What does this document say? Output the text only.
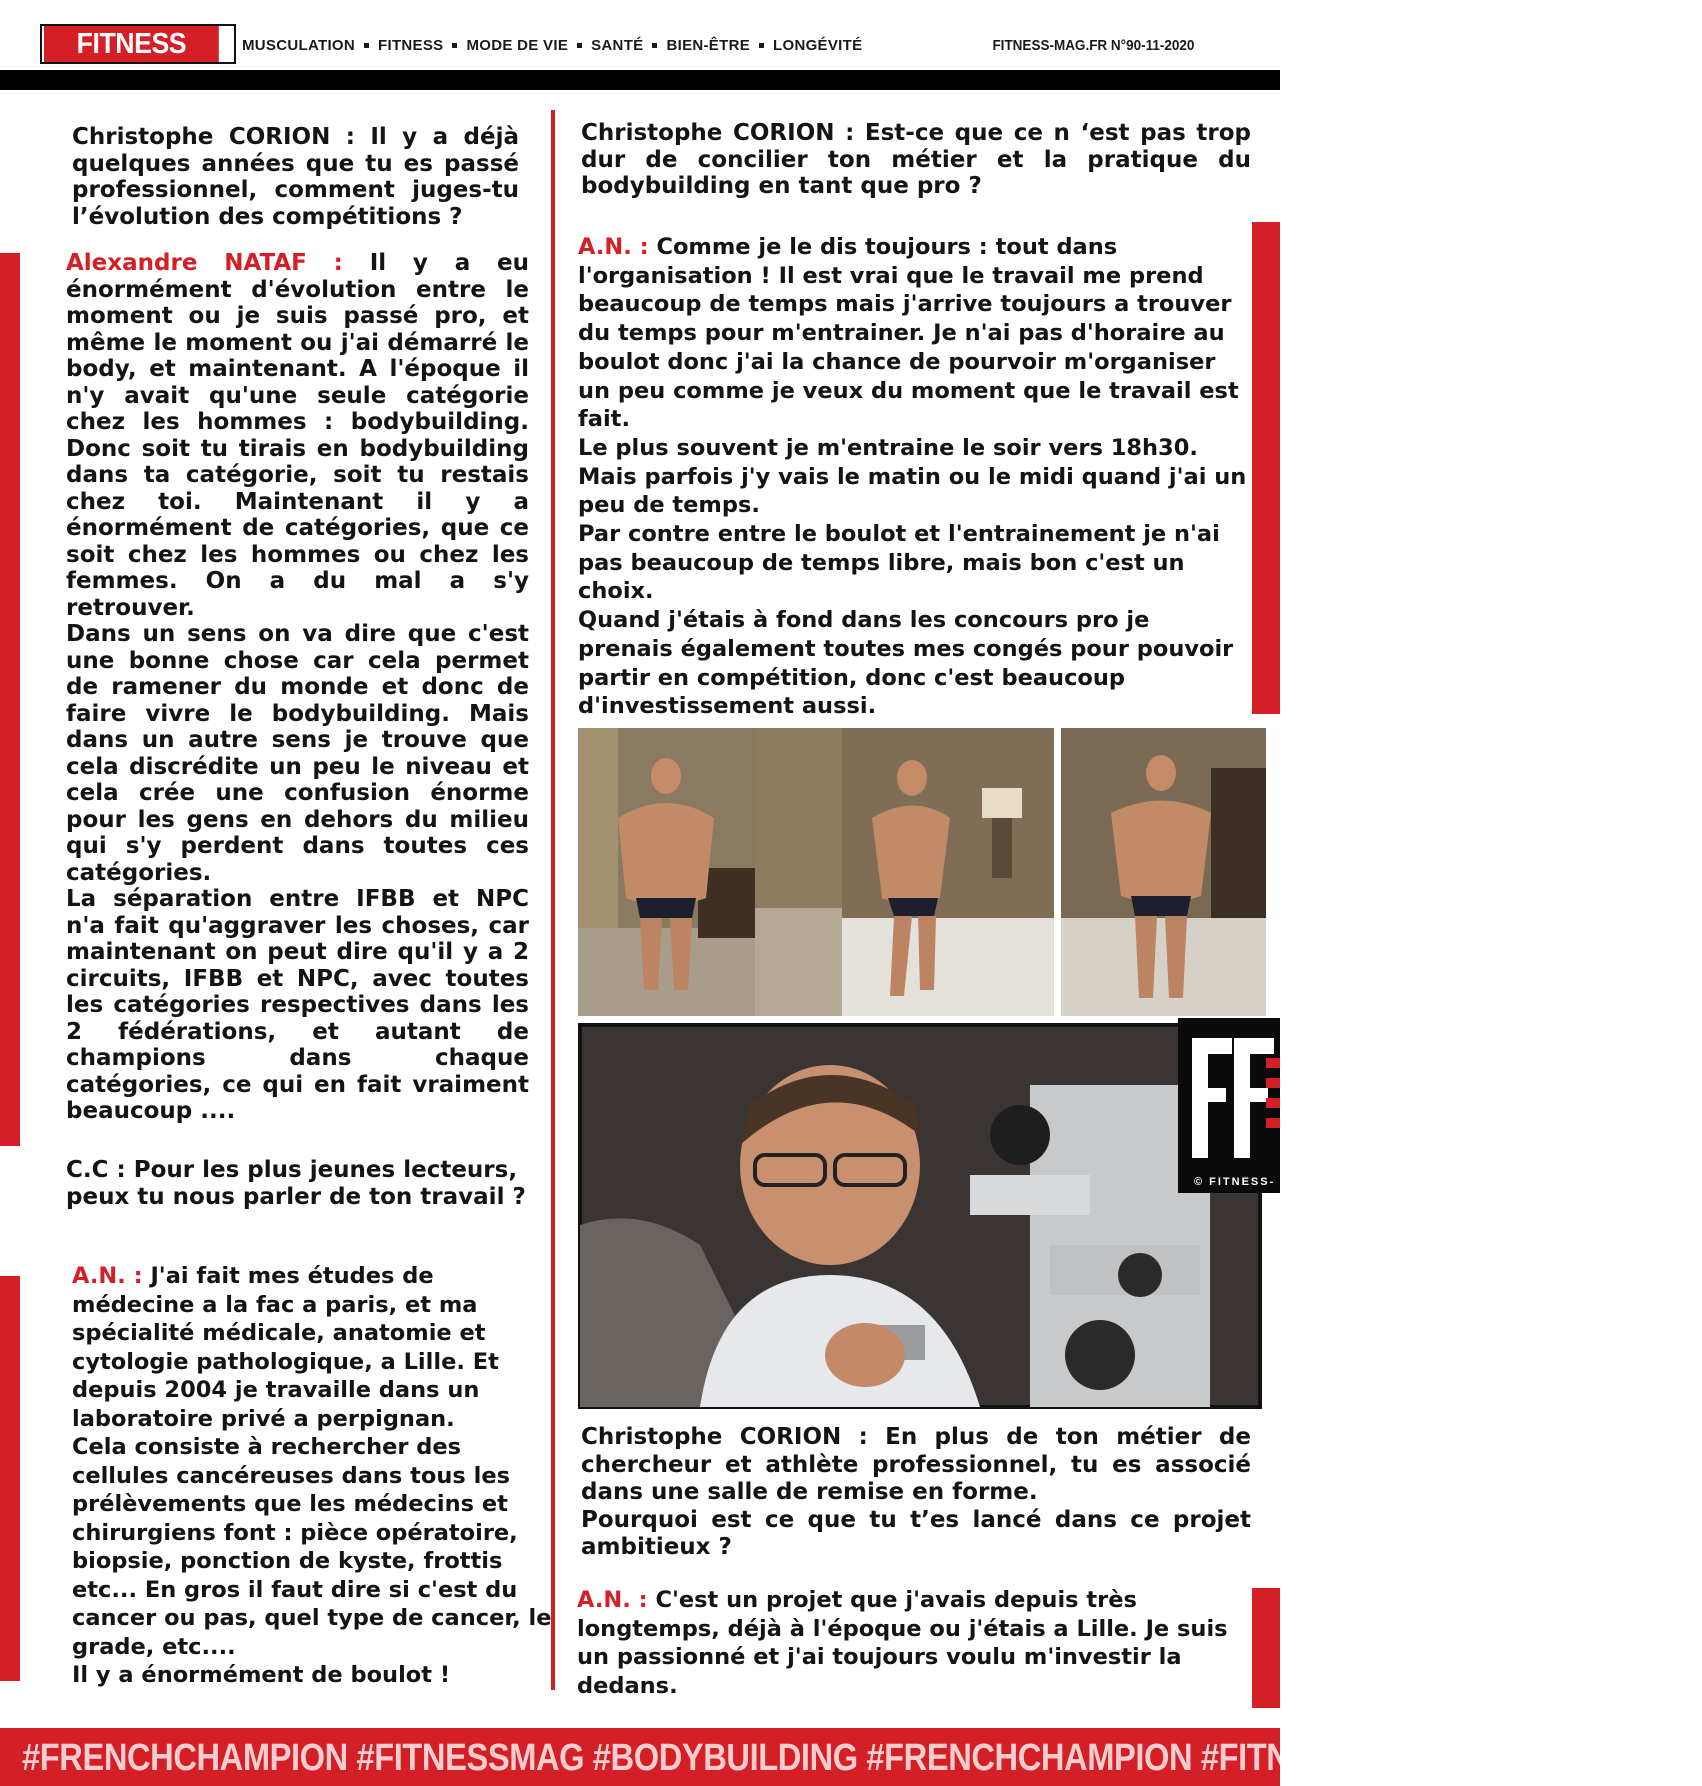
FITNESS	MUSCULATION FITNESS MODE DE VIE SANTÉ BIEN-ÊTRE LONGÉVITÉ	FITNESS-MAG.FR N°90-11-2020

Christophe CORION : Il y a déjà quelques années que tu es passé professionnel, comment juges-tu l’évolution des compétitions ?

Alexandre NATAF : Il y a eu énormément d'évolution entre le moment ou je suis passé pro, et même le moment ou j'ai démarré le body, et maintenant. A l'époque il n'y avait qu'une seule catégorie chez les hommes : bodybuilding. Donc soit tu tirais en bodybuilding dans ta catégorie, soit tu restais chez toi. Maintenant il y a énormément de catégories, que ce soit chez les hommes ou chez les femmes. On a du mal a s'y retrouver.

Dans un sens on va dire que c'est une bonne chose car cela permet de ramener du monde et donc de faire vivre le bodybuilding. Mais dans un autre sens je trouve que cela discrédite un peu le niveau et cela crée une confusion énorme pour les gens en dehors du milieu qui s'y perdent dans toutes ces catégories.

La séparation entre IFBB et NPC n'a fait qu'aggraver les choses, car maintenant on peut dire qu'il y a 2 circuits, IFBB et NPC, avec toutes les catégories respectives dans les 2 fédérations, et autant de champions dans chaque catégories, ce qui en fait vraiment beaucoup ....

C.C : Pour les plus jeunes lecteurs, peux tu nous parler de ton travail ?

A.N. : J'ai fait mes études de médecine a la fac a paris, et ma spécialité médicale, anatomie et cytologie pathologique, a Lille. Et depuis 2004 je travaille dans un laboratoire privé a perpignan.

Cela consiste à rechercher des cellules cancéreuses dans tous les prélèvements que les médecins et chirurgiens font : pièce opératoire, biopsie, ponction de kyste, frottis etc... En gros il faut dire si c'est du cancer ou pas, quel type de cancer, le grade, etc....

Il y a énormément de boulot !

Christophe CORION : Est-ce que ce n ‘est pas trop dur de concilier ton métier et la pratique du bodybuilding en tant que pro ?

A.N. : Comme je le dis toujours : tout dans l'organisation ! Il est vrai que le travail me prend beaucoup de temps mais j'arrive toujours a trouver du temps pour m'entrainer. Je n'ai pas d'horaire au boulot donc j'ai la chance de pourvoir m'organiser un peu comme je veux du moment que le travail est fait.

Le plus souvent je m'entraine le soir vers 18h30.

Mais parfois j'y vais le matin ou le midi quand j'ai un peu de temps.

Par contre entre le boulot et l'entrainement je n'ai pas beaucoup de temps libre, mais bon c'est un choix.

Quand j'étais à fond dans les concours pro je prenais également toutes mes congés pour pouvoir partir en compétition, donc c'est beaucoup d'investissement aussi.

© FITNESS-

Christophe CORION : En plus de ton métier de chercheur et athlète professionnel, tu es associé dans une salle de remise en forme.

Pourquoi est ce que tu t’es lancé dans ce projet ambitieux ?

A.N. : C'est un projet que j'avais depuis très longtemps, déjà à l'époque ou j'étais a Lille. Je suis un passionné et j'ai toujours voulu m'investir la dedans.

#FRENCHCHAMPION #FITNESSMAG #BODYBUILDING #FRENCHCHAMPION #FITNESSMAG #BODYBUILDING
